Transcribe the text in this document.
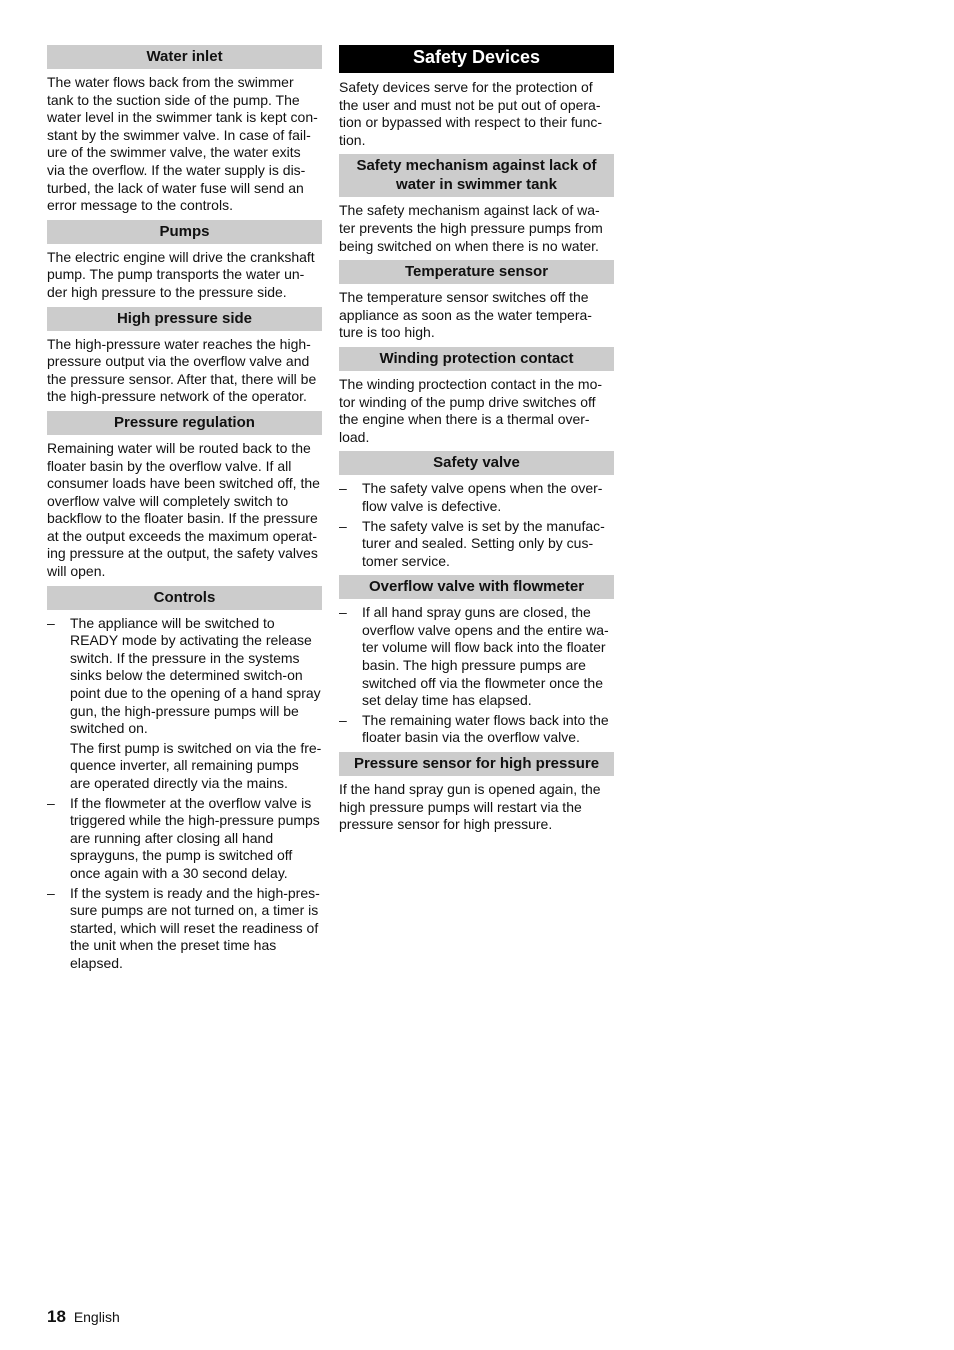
Water inlet

The water flows back from the swimmer tank to the suction side of the pump. The water level in the swimmer tank is kept con-stant by the swimmer valve. In case of fail-ure of the swimmer valve, the water exits via the overflow. If the water supply is dis-turbed, the lack of water fuse will send an error message to the controls.

Pumps

The electric engine will drive the crankshaft pump. The pump transports the water un-der high pressure to the pressure side.

High pressure side

The high-pressure water reaches the high-pressure output via the overflow valve and the pressure sensor. After that, there will be the high-pressure network of the operator.

Pressure regulation

Remaining water will be routed back to the floater basin by the overflow valve. If all consumer loads have been switched off, the overflow valve will completely switch to backflow to the floater basin. If the pressure at the output exceeds the maximum operat-ing pressure at the output, the safety valves will open.

Controls
–	The appliance will be switched to READY mode by activating the release switch. If the pressure in the systems sinks below the determined switch-on point due to the opening of a hand spray gun, the high-pressure pumps will be switched on.
The first pump is switched on via the fre-quence inverter, all remaining pumps are operated directly via the mains.
–	If the flowmeter at the overflow valve is triggered while the high-pressure pumps are running after closing all hand sprayguns, the pump is switched off once again with a 30 second delay.
–	If the system is ready and the high-pres-sure pumps are not turned on, a timer is started, which will reset the readiness of the unit when the preset time has elapsed.
Safety Devices

Safety devices serve for the protection of the user and must not be put out of opera-tion or bypassed with respect to their func-tion.

Safety mechanism against lack of water in swimmer tank

The safety mechanism against lack of wa-ter prevents the high pressure pumps from being switched on when there is no water.

Temperature sensor

The temperature sensor switches off the appliance as soon as the water tempera-ture is too high.

Winding protection contact

The winding proctection contact in the mo-tor winding of the pump drive switches off the engine when there is a thermal over-load.

Safety valve
–	The safety valve opens when the over-flow valve is defective.
–	The safety valve is set by the manufac-turer and sealed. Setting only by cus-tomer service.
Overflow valve with flowmeter
–	If all hand spray guns are closed, the overflow valve opens and the entire wa-ter volume will flow back into the floater basin. The high pressure pumps are switched off via the flowmeter once the set delay time has elapsed.
–	The remaining water flows back into the floater basin via the overflow valve.
Pressure sensor for high pressure

If the hand spray gun is opened again, the high pressure pumps will restart via the pressure sensor for high pressure.

18 English
